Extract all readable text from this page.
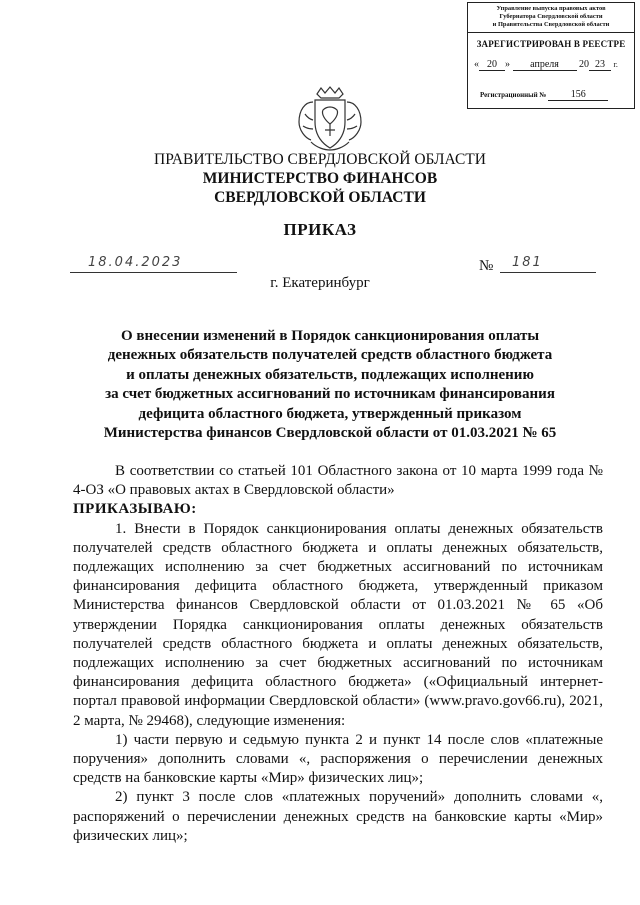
Управление выпуска правовых актов
Губернатора Свердловской области
и Правительства Свердловской области
ЗАРЕГИСТРИРОВАН В РЕЕСТРЕ
« 20 » апреля 20 23 г.
Регистрационный № 156
ПРАВИТЕЛЬСТВО СВЕРДЛОВСКОЙ ОБЛАСТИ
МИНИСТЕРСТВО ФИНАНСОВ
СВЕРДЛОВСКОЙ ОБЛАСТИ
ПРИКАЗ
18.04.2023	№ 181
г. Екатеринбург
О внесении изменений в Порядок санкционирования оплаты
денежных обязательств получателей средств областного бюджета
и оплаты денежных обязательств, подлежащих исполнению
за счет бюджетных ассигнований по источникам финансирования
дефицита областного бюджета, утвержденный приказом
Министерства финансов Свердловской области от 01.03.2021 № 65

В соответствии со статьей 101 Областного закона от 10 марта 1999 года № 4-ОЗ «О правовых актах в Свердловской области»

ПРИКАЗЫВАЮ:

1. Внести в Порядок санкционирования оплаты денежных обязательств получателей средств областного бюджета и оплаты денежных обязательств, подлежащих исполнению за счет бюджетных ассигнований по источникам финансирования дефицита областного бюджета, утвержденный приказом Министерства финансов Свердловской области от 01.03.2021 № 65 «Об утверждении Порядка санкционирования оплаты денежных обязательств получателей средств областного бюджета и оплаты денежных обязательств, подлежащих исполнению за счет бюджетных ассигнований по источникам финансирования дефицита областного бюджета» («Официальный интернет-портал правовой информации Свердловской области» (www.pravo.gov66.ru), 2021, 2 марта, № 29468), следующие изменения:

1) части первую и седьмую пункта 2 и пункт 14 после слов «платежные поручения» дополнить словами «, распоряжения о перечислении денежных средств на банковские карты «Мир» физических лиц»;

2) пункт 3 после слов «платежных поручений» дополнить словами «, распоряжений о перечислении денежных средств на банковские карты «Мир» физических лиц»;
